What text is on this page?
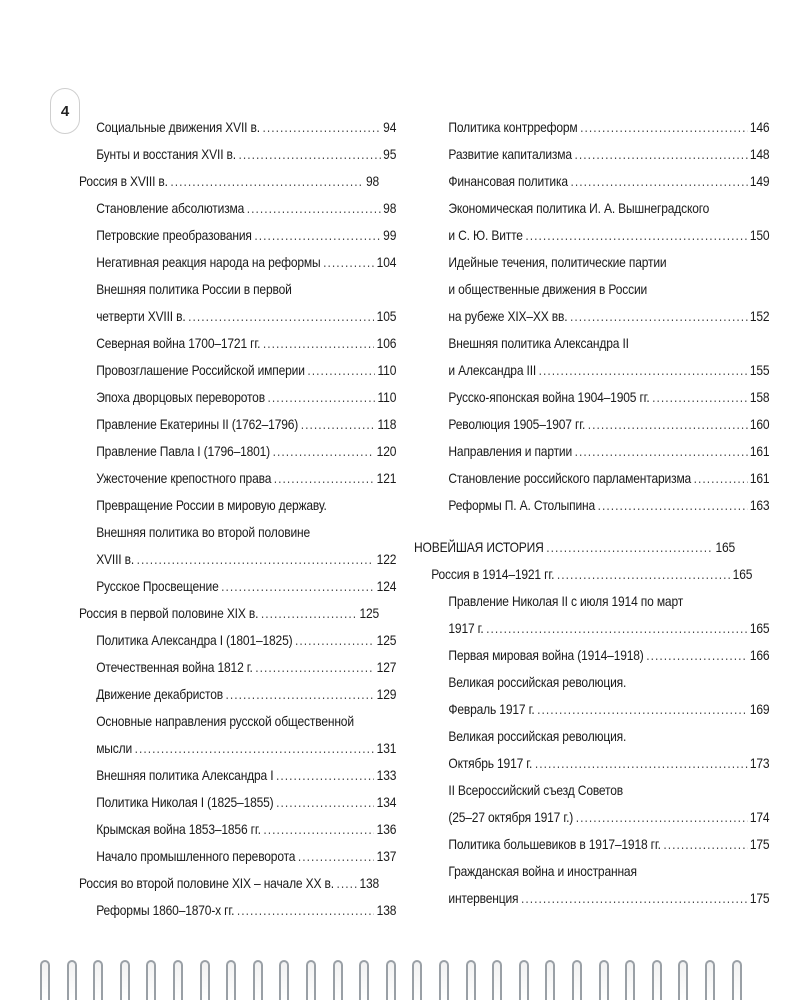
4
Социальные движения XVII в. .....	94
Бунты и восстания XVII в. .....	95
Россия в XVIII в. .....	98
Становление абсолютизма .....	98
Петровские преобразования .....	99
Негативная реакция народа на реформы .....	104
Внешняя политика России в первой
четверти XVIII в. .....	105
Северная война 1700–1721 гг. .....	106
Провозглашение Российской империи .....	110
Эпоха дворцовых переворотов .....	110
Правление Екатерины II (1762–1796) .....	118
Правление Павла I (1796–1801) .....	120
Ужесточение крепостного права .....	121
Превращение России в мировую державу.
Внешняя политика во второй половине
XVIII в. .....	122
Русское Просвещение .....	124
Россия в первой половине XIX в. .....	125
Политика Александра I (1801–1825) .....	125
Отечественная война 1812 г. .....	127
Движение декабристов .....	129
Основные направления русской общественной
мысли .....	131
Внешняя политика Александра I .....	133
Политика Николая I (1825–1855) .....	134
Крымская война 1853–1856 гг. .....	136
Начало промышленного переворота .....	137
Россия во второй половине XIX – начале XX в. ..... 138
Реформы 1860–1870-х гг. .....	138
Политика контрреформ .....	146
Развитие капитализма .....	148
Финансовая политика .....	149
Экономическая политика И. А. Вышнеградского
и С. Ю. Витте .....	150
Идейные течения, политические партии
и общественные движения в России
на рубеже XIX–XX вв. .....	152
Внешняя политика Александра II
и Александра III .....	155
Русско-японская война 1904–1905 гг. .....	158
Революция 1905–1907 гг. .....	160
Направления и партии .....	161
Становление российского парламентаризма .....	161
Реформы П. А. Столыпина .....	163
НОВЕЙШАЯ ИСТОРИЯ .....	165
Россия в 1914–1921 гг. .....	165
Правление Николая II с июля 1914 по март
1917 г. .....	165
Первая мировая война (1914–1918) .....	166
Великая российская революция.
Февраль 1917 г. .....	169
Великая российская революция.
Октябрь 1917 г. .....	173
II Всероссийский съезд Советов
(25–27 октября 1917 г.) .....	174
Политика большевиков в 1917–1918 гг. .....	175
Гражданская война и иностранная
интервенция .....	175
